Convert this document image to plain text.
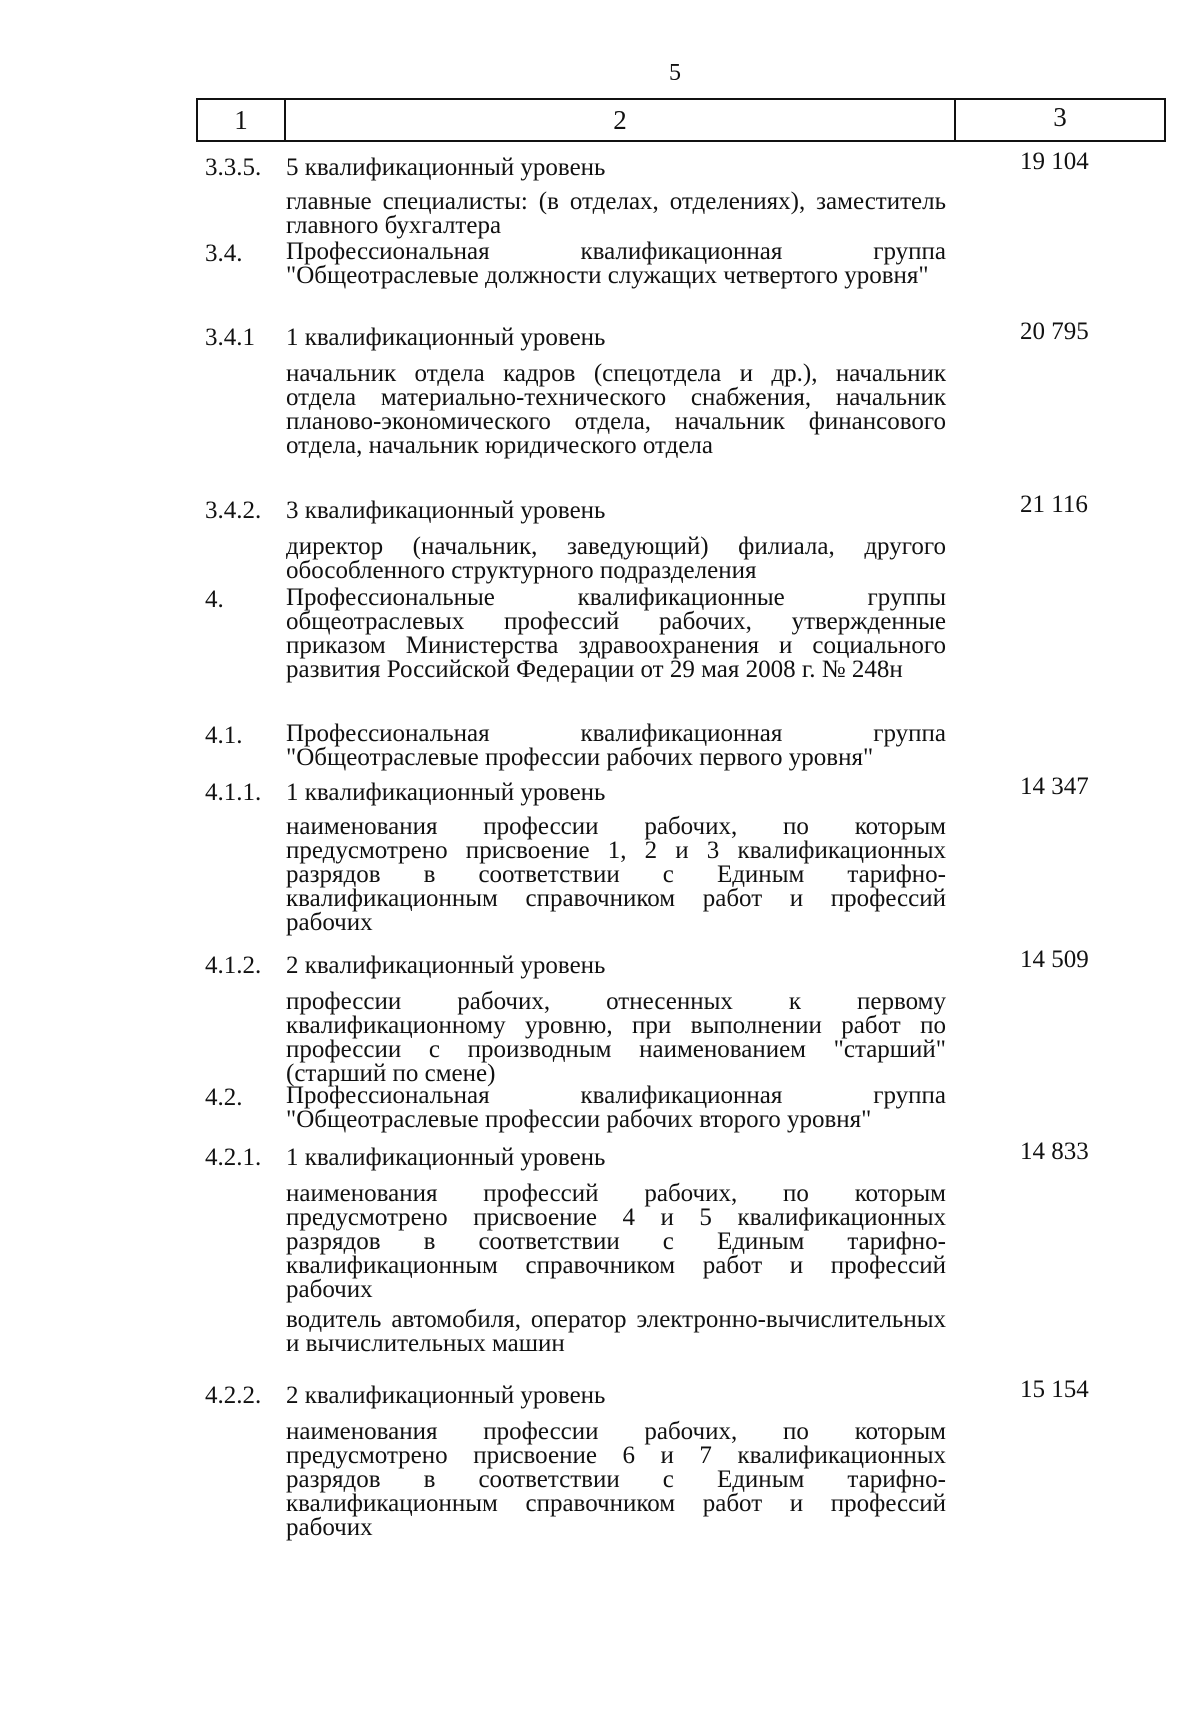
5
1	2	3
3.3.5. 5 квалификационный уровень	19 104
главные специалисты: (в отделах, отделениях), заместитель главного бухгалтера
3.4. Профессиональная квалификационная группа "Общеотраслевые должности служащих четвертого уровня"
3.4.1 1 квалификационный уровень	20 795
начальник отдела кадров (спецотдела и др.), начальник отдела материально-технического снабжения, начальник планово-экономического отдела, начальник финансового отдела, начальник юридического отдела
3.4.2. 3 квалификационный уровень	21 116
директор (начальник, заведующий) филиала, другого обособленного структурного подразделения
4. Профессиональные квалификационные группы общеотраслевых профессий рабочих, утвержденные приказом Министерства здравоохранения и социального развития Российской Федерации от 29 мая 2008 г. № 248н
4.1. Профессиональная квалификационная группа "Общеотраслевые профессии рабочих первого уровня"
4.1.1. 1 квалификационный уровень	14 347
наименования профессии рабочих, по которым предусмотрено присвоение 1, 2 и 3 квалификационных разрядов в соответствии с Единым тарифно-квалификационным справочником работ и профессий рабочих
4.1.2. 2 квалификационный уровень	14 509
профессии рабочих, отнесенных к первому квалификационному уровню, при выполнении работ по профессии с производным наименованием "старший" (старший по смене)
4.2. Профессиональная квалификационная группа "Общеотраслевые профессии рабочих второго уровня"
4.2.1. 1 квалификационный уровень	14 833
наименования профессий рабочих, по которым предусмотрено присвоение 4 и 5 квалификационных разрядов в соответствии с Единым тарифно-квалификационным справочником работ и профессий рабочих
водитель автомобиля, оператор электронно-вычислительных и вычислительных машин
4.2.2. 2 квалификационный уровень	15 154
наименования профессии рабочих, по которым предусмотрено присвоение 6 и 7 квалификационных разрядов в соответствии с Единым тарифно-квалификационным справочником работ и профессий рабочих
